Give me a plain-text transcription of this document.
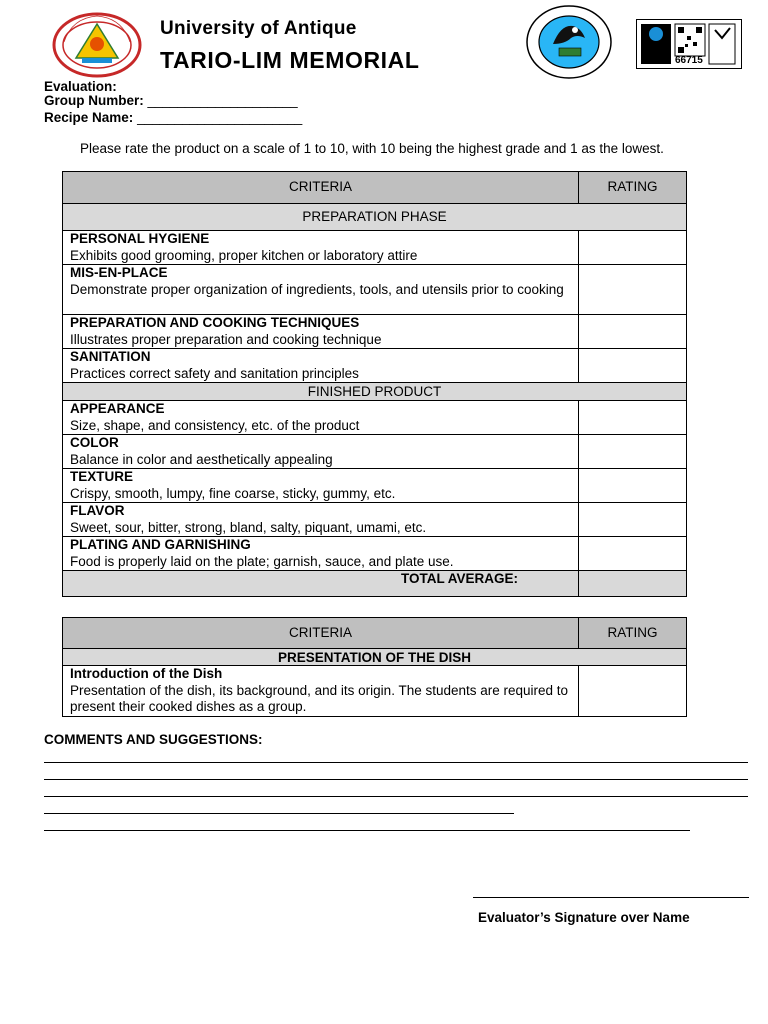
University of Antique
TARIO-LIM MEMORIAL	66715
Evaluation:
Group Number: ____________________
Recipe Name: ______________________
Please rate the product on a scale of 1 to 10, with 10 being the highest grade and 1 as the lowest.
CRITERIA	RATING
PREPARATION PHASE	

PERSONAL HYGIENE
Exhibits good grooming, proper kitchen or laboratory attire	

MIS-EN-PLACE
Demonstrate proper organization of ingredients, tools, and utensils prior to cooking	

PREPARATION AND COOKING TECHNIQUES
Illustrates proper preparation and cooking technique	

SANITATION
Practices correct safety and sanitation principles	

FINISHED PRODUCT	

APPEARANCE
Size, shape, and consistency, etc. of the product	

COLOR
Balance in color and aesthetically appealing	

TEXTURE
Crispy, smooth, lumpy, fine coarse, sticky, gummy, etc.	

FLAVOR
Sweet, sour, bitter, strong, bland, salty, piquant, umami, etc.	

PLATING AND GARNISHING
Food is properly laid on the plate; garnish, sauce, and plate use.	

TOTAL AVERAGE:	
CRITERIA	RATING
PRESENTATION OF THE DISH	

Introduction of the Dish
Presentation of the dish, its background, and its origin. The students are required to present their cooked dishes as a group.	

COMMENTS AND SUGGESTIONS:
Evaluator’s Signature over Name
